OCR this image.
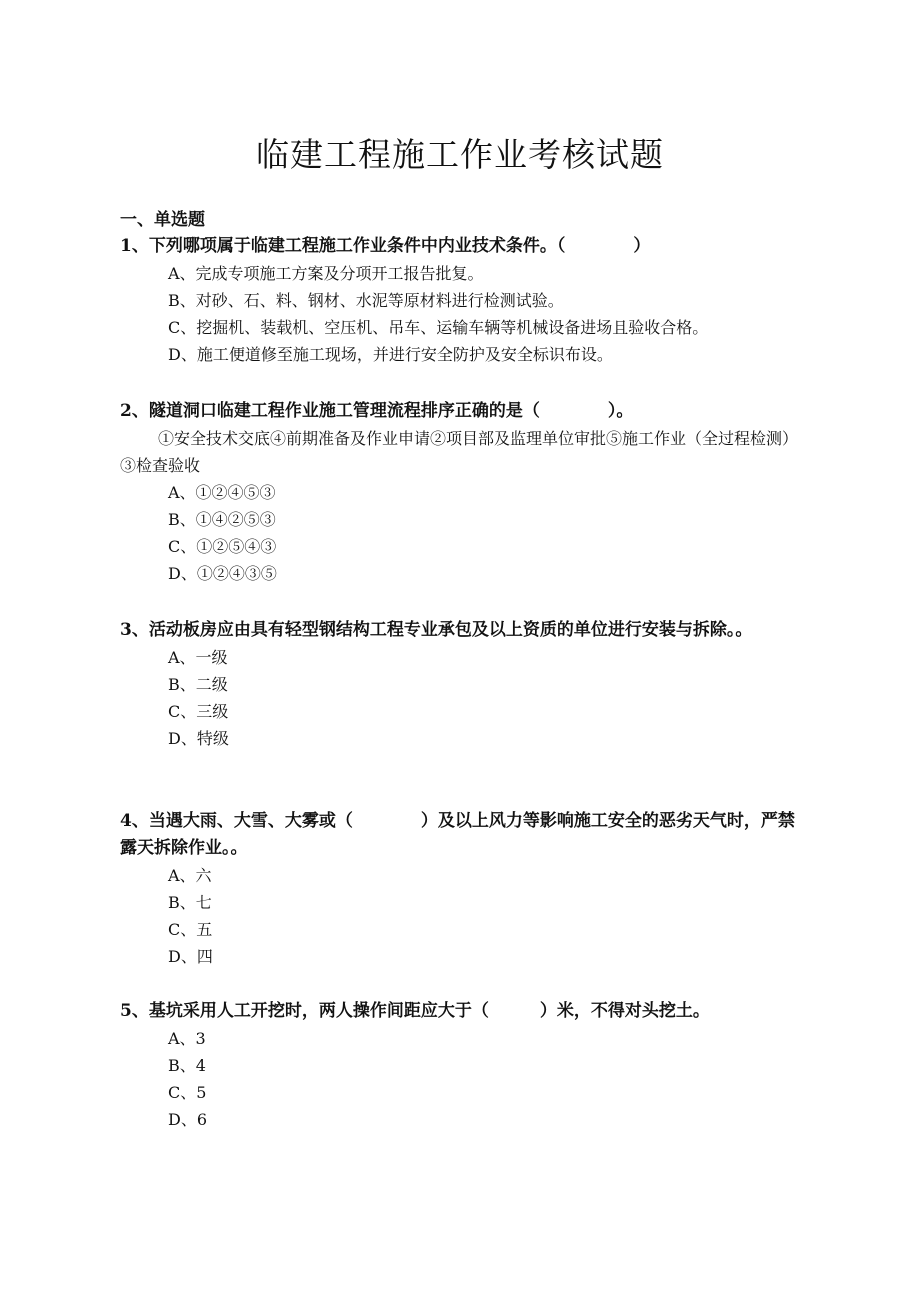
临建工程施工作业考核试题
一、单选题

1、下列哪项属于临建工程施工作业条件中内业技术条件。（　　　　）

A、完成专项施工方案及分项开工报告批复。
B、对砂、石、料、钢材、水泥等原材料进行检测试验。
C、挖掘机、装载机、空压机、吊车、运输车辆等机械设备进场且验收合格。
D、施工便道修至施工现场，并进行安全防护及安全标识布设。

2、隧道洞口临建工程作业施工管理流程排序正确的是（　　　　）。

①安全技术交底④前期准备及作业申请②项目部及监理单位审批⑤施工作业（全过程检测）③检查验收

A、①②④⑤③
B、①④②⑤③
C、①②⑤④③
D、①②④③⑤

3、活动板房应由具有轻型钢结构工程专业承包及以上资质的单位进行安装与拆除。。

A、一级
B、二级
C、三级
D、特级

4、当遇大雨、大雪、大雾或（　　　　）及以上风力等影响施工安全的恶劣天气时，严禁露天拆除作业。。

A、六
B、七
C、五
D、四

5、基坑采用人工开挖时，两人操作间距应大于（　　　）米，不得对头挖土。

A、3
B、4
C、5
D、6
